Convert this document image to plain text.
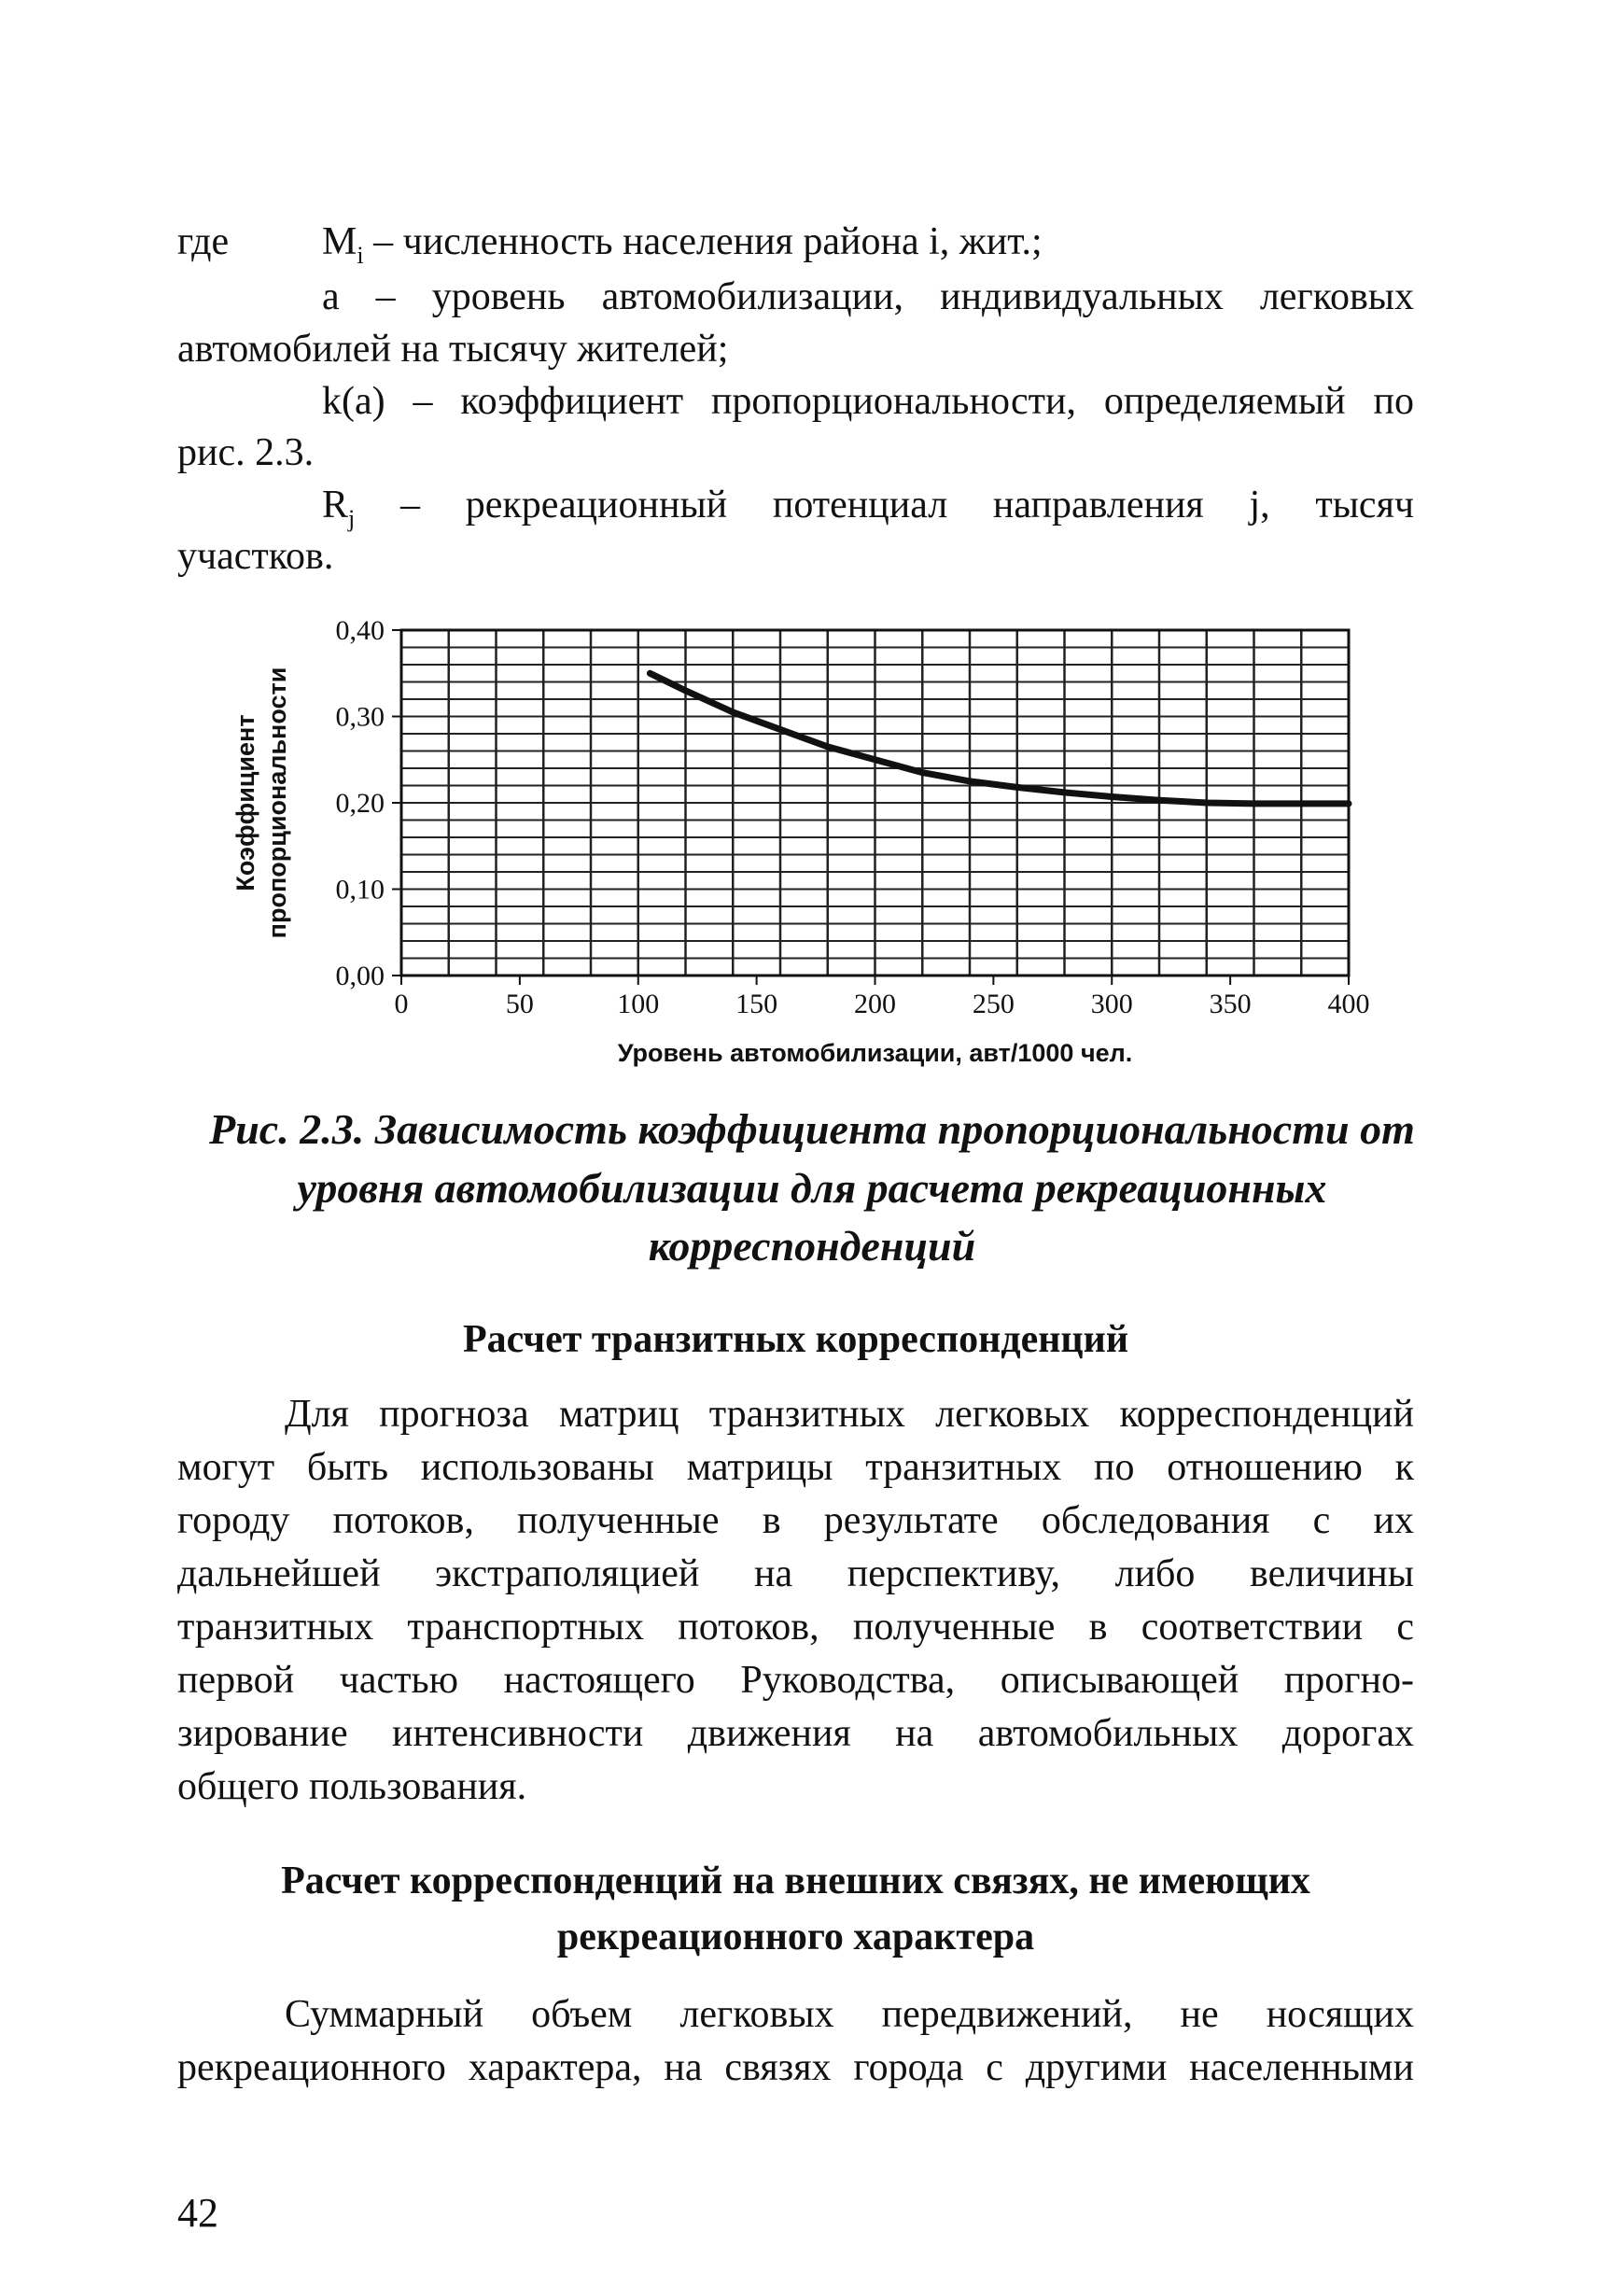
где $M_i$ – численность населения района i, жит.;
a – уровень автомобилизации, индивидуальных легковых
автомобилей на тысячу жителей;
k(a) – коэффициент пропорциональности, определяемый по
рис. 2.3.
$R_j$ – рекреационный потенциал направления j, тысяч
участков.
0,00
0,10
0,20
0,30
0,40
0	50	100	150	200	250	300	350	400
Коэффициент пропорциональности
Уровень автомобилизации, авт/1000 чел.
Рис. 2.3. Зависимость коэффициента пропорциональности от
уровня автомобилизации для расчета рекреационных
корреспонденций
Расчет транзитных корреспонденций
Для прогноза матриц транзитных легковых корреспонденций
могут быть использованы матрицы транзитных по отношению к
городу потоков, полученные в результате обследования с их
дальнейшей экстраполяцией на перспективу, либо величины
транзитных транспортных потоков, полученные в соответствии с
первой частью настоящего Руководства, описывающей прогно-
зирование интенсивности движения на автомобильных дорогах
общего пользования.
Расчет корреспонденций на внешних связях, не имеющих
рекреационного характера
Суммарный объем легковых передвижений, не носящих
рекреационного характера, на связях города с другими населенными
42
